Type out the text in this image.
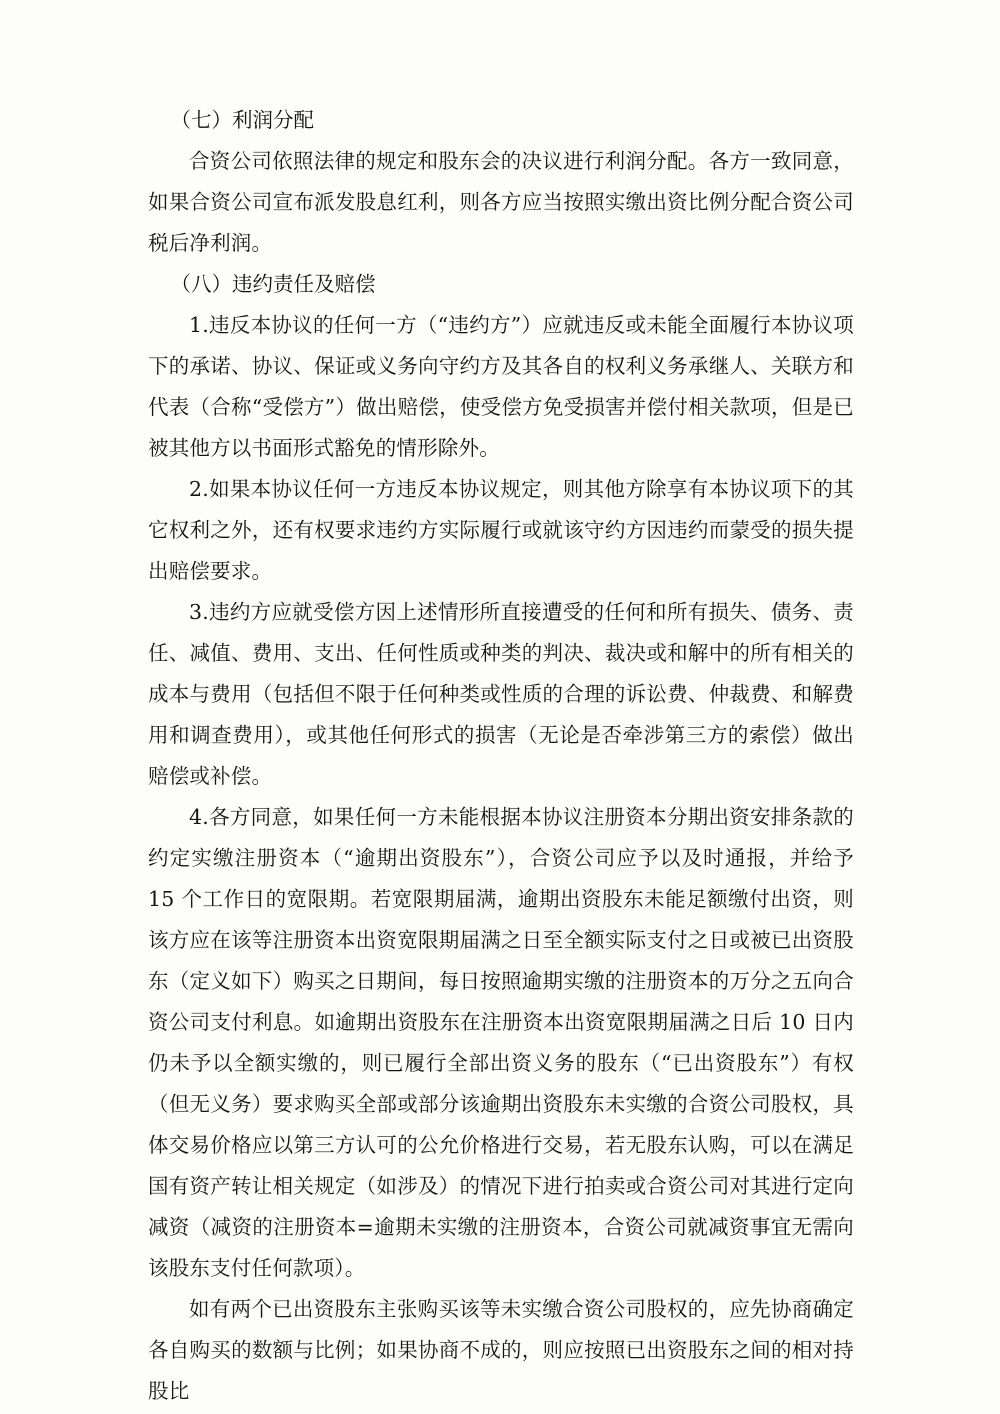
（七）利润分配

合资公司依照法律的规定和股东会的决议进行利润分配。各方一致同意，如果合资公司宣布派发股息红利，则各方应当按照实缴出资比例分配合资公司税后净利润。

（八）违约责任及赔偿

1.违反本协议的任何一方（“违约方”）应就违反或未能全面履行本协议项下的承诺、协议、保证或义务向守约方及其各自的权利义务承继人、关联方和代表（合称“受偿方”）做出赔偿，使受偿方免受损害并偿付相关款项，但是已被其他方以书面形式豁免的情形除外。

2.如果本协议任何一方违反本协议规定，则其他方除享有本协议项下的其它权利之外，还有权要求违约方实际履行或就该守约方因违约而蒙受的损失提出赔偿要求。

3.违约方应就受偿方因上述情形所直接遭受的任何和所有损失、债务、责任、减值、费用、支出、任何性质或种类的判决、裁决或和解中的所有相关的成本与费用（包括但不限于任何种类或性质的合理的诉讼费、仲裁费、和解费用和调查费用），或其他任何形式的损害（无论是否牵涉第三方的索偿）做出赔偿或补偿。

4.各方同意，如果任何一方未能根据本协议注册资本分期出资安排条款的约定实缴注册资本（“逾期出资股东”），合资公司应予以及时通报，并给予 15 个工作日的宽限期。若宽限期届满，逾期出资股东未能足额缴付出资，则该方应在该等注册资本出资宽限期届满之日至全额实际支付之日或被已出资股东（定义如下）购买之日期间，每日按照逾期实缴的注册资本的万分之五向合资公司支付利息。如逾期出资股东在注册资本出资宽限期届满之日后 10 日内仍未予以全额实缴的，则已履行全部出资义务的股东（“已出资股东”）有权（但无义务）要求购买全部或部分该逾期出资股东未实缴的合资公司股权，具体交易价格应以第三方认可的公允价格进行交易，若无股东认购，可以在满足国有资产转让相关规定（如涉及）的情况下进行拍卖或合资公司对其进行定向减资（减资的注册资本=逾期未实缴的注册资本，合资公司就减资事宜无需向该股东支付任何款项）。

如有两个已出资股东主张购买该等未实缴合资公司股权的，应先协商确定各自购买的数额与比例；如果协商不成的，则应按照已出资股东之间的相对持股比
